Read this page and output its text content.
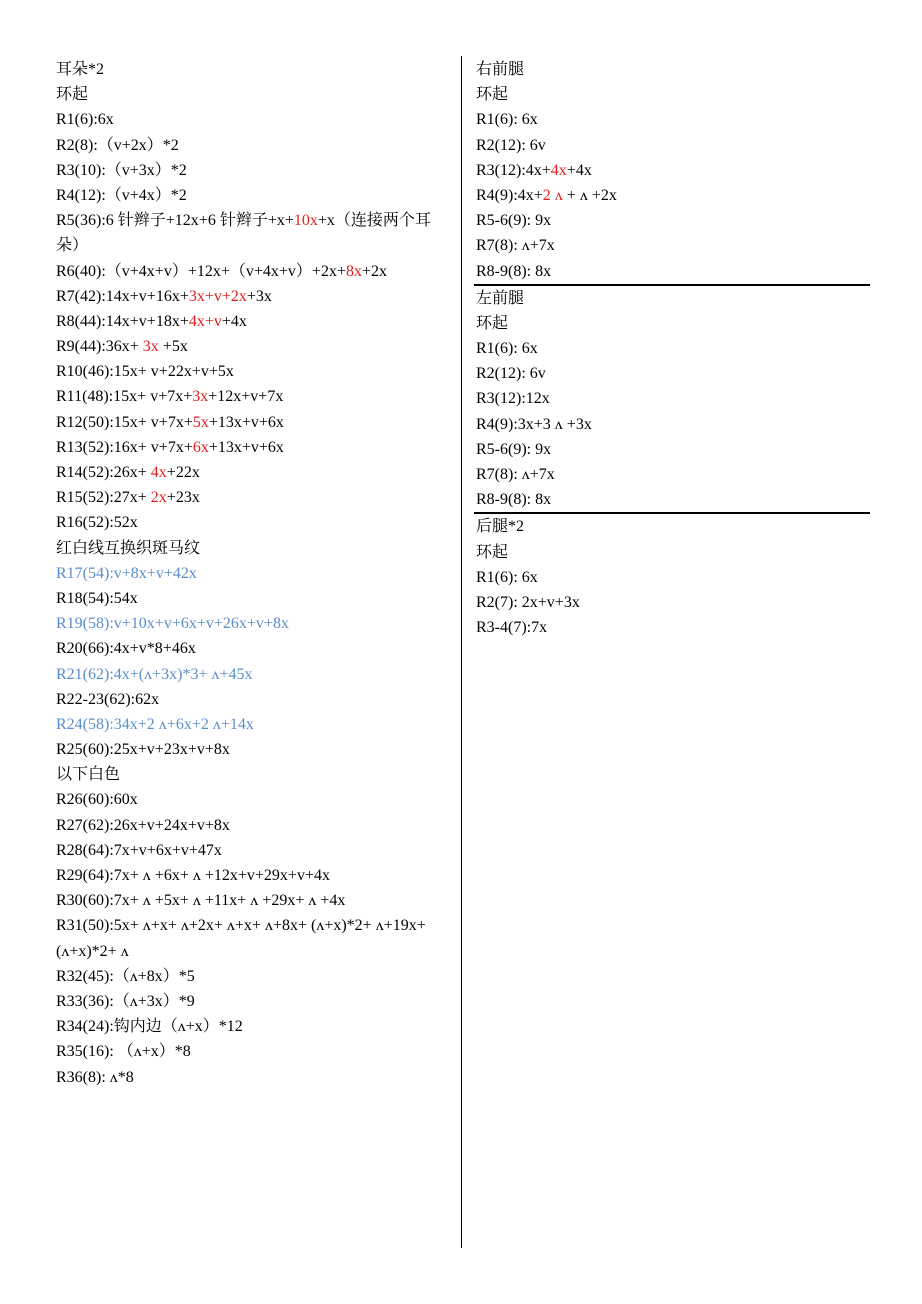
耳朵*2
环起
R1(6):6x
R2(8):（v+2x）*2
R3(10):（v+3x）*2
R4(12):（v+4x）*2
R5(36):6 针辫子+12x+6 针辫子+x+10x+x（连接两个耳朵）
R6(40):（v+4x+v）+12x+（v+4x+v）+2x+8x+2x
R7(42):14x+v+16x+3x+v+2x+3x
R8(44):14x+v+18x+4x+v+4x
R9(44):36x+ 3x +5x
R10(46):15x+ v+22x+v+5x
R11(48):15x+ v+7x+3x+12x+v+7x
R12(50):15x+ v+7x+5x+13x+v+6x
R13(52):16x+ v+7x+6x+13x+v+6x
R14(52):26x+ 4x+22x
R15(52):27x+ 2x+23x
R16(52):52x
红白线互换织斑马纹
R17(54):v+8x+v+42x
R18(54):54x
R19(58):v+10x+v+6x+v+26x+v+8x
R20(66):4x+v*8+46x
R21(62):4x+(ʌ+3x)*3+ ʌ+45x
R22-23(62):62x
R24(58):34x+2 ʌ+6x+2 ʌ+14x
R25(60):25x+v+23x+v+8x
以下白色
R26(60):60x
R27(62):26x+v+24x+v+8x
R28(64):7x+v+6x+v+47x
R29(64):7x+ ʌ +6x+ ʌ +12x+v+29x+v+4x
R30(60):7x+ ʌ +5x+ ʌ +11x+ ʌ +29x+ ʌ +4x
R31(50):5x+ ʌ+x+ ʌ+2x+ ʌ+x+ ʌ+8x+ (ʌ+x)*2+ ʌ+19x+ (ʌ+x)*2+ ʌ
R32(45):（ʌ+8x）*5
R33(36):（ʌ+3x）*9
R34(24):钩内边（ʌ+x）*12
R35(16): （ʌ+x）*8
R36(8): ʌ*8
右前腿
环起
R1(6): 6x
R2(12): 6v
R3(12):4x+4x+4x
R4(9):4x+2 ʌ + ʌ +2x
R5-6(9): 9x
R7(8): ʌ+7x
R8-9(8): 8x
左前腿
环起
R1(6): 6x
R2(12): 6v
R3(12):12x
R4(9):3x+3 ʌ +3x
R5-6(9): 9x
R7(8): ʌ+7x
R8-9(8): 8x
后腿*2
环起
R1(6): 6x
R2(7): 2x+v+3x
R3-4(7):7x
